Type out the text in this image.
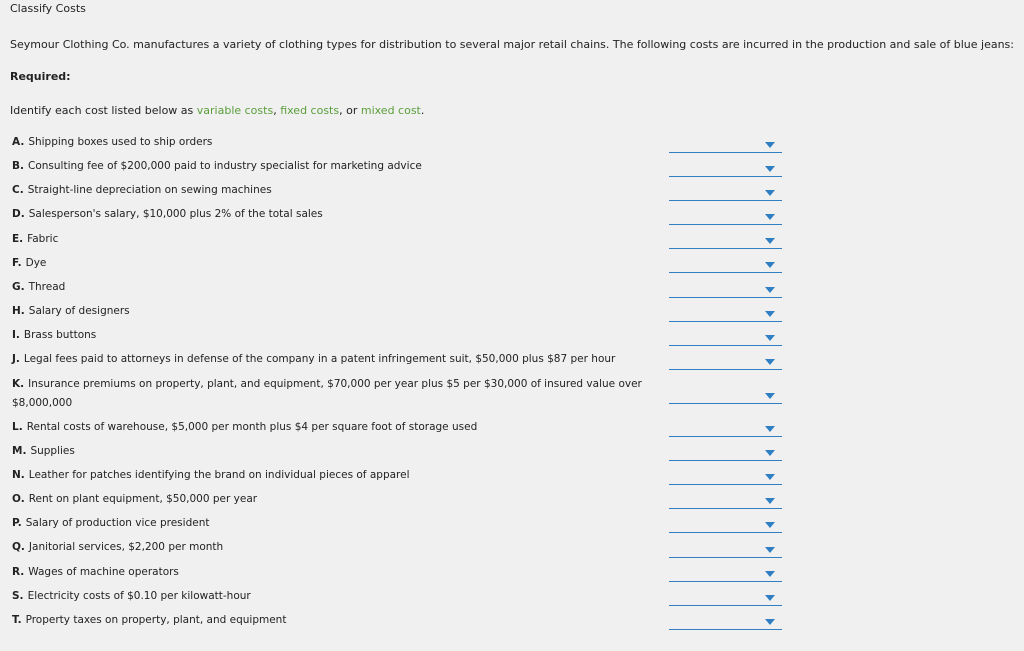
Classify Costs
Seymour Clothing Co. manufactures a variety of clothing types for distribution to several major retail chains. The following costs are incurred in the production and sale of blue jeans:
Required:
Identify each cost listed below as variable costs, fixed costs, or mixed cost.
A. Shipping boxes used to ship orders
B. Consulting fee of $200,000 paid to industry specialist for marketing advice
C. Straight-line depreciation on sewing machines
D. Salesperson's salary, $10,000 plus 2% of the total sales
E. Fabric
F. Dye
G. Thread
H. Salary of designers
I. Brass buttons
J. Legal fees paid to attorneys in defense of the company in a patent infringement suit, $50,000 plus $87 per hour
K. Insurance premiums on property, plant, and equipment, $70,000 per year plus $5 per $30,000 of insured value over $8,000,000
L. Rental costs of warehouse, $5,000 per month plus $4 per square foot of storage used
M. Supplies
N. Leather for patches identifying the brand on individual pieces of apparel
O. Rent on plant equipment, $50,000 per year
P. Salary of production vice president
Q. Janitorial services, $2,200 per month
R. Wages of machine operators
S. Electricity costs of $0.10 per kilowatt-hour
T. Property taxes on property, plant, and equipment
